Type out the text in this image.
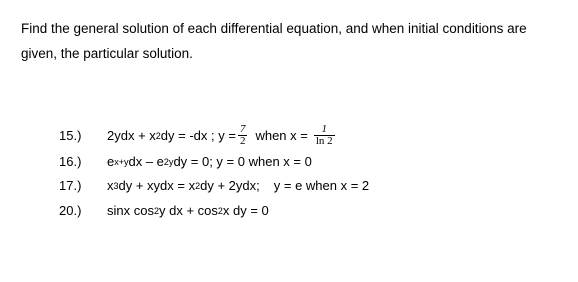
Find the general solution of each differential equation, and when initial conditions are
given, the particular solution.
15.)	2ydx + x 2 dy = -dx ; $y = \frac{7}{2}$ when $x = \frac{1}{\ln 2}$
16.)	e x+y dx – e 2y dy = 0; y = 0 when x = 0
17.)	x 3 dy + xydx = x 2 dy + 2ydx; y = e when x = 2
20.)	sinx cos 2 y dx + cos 2 x dy = 0
